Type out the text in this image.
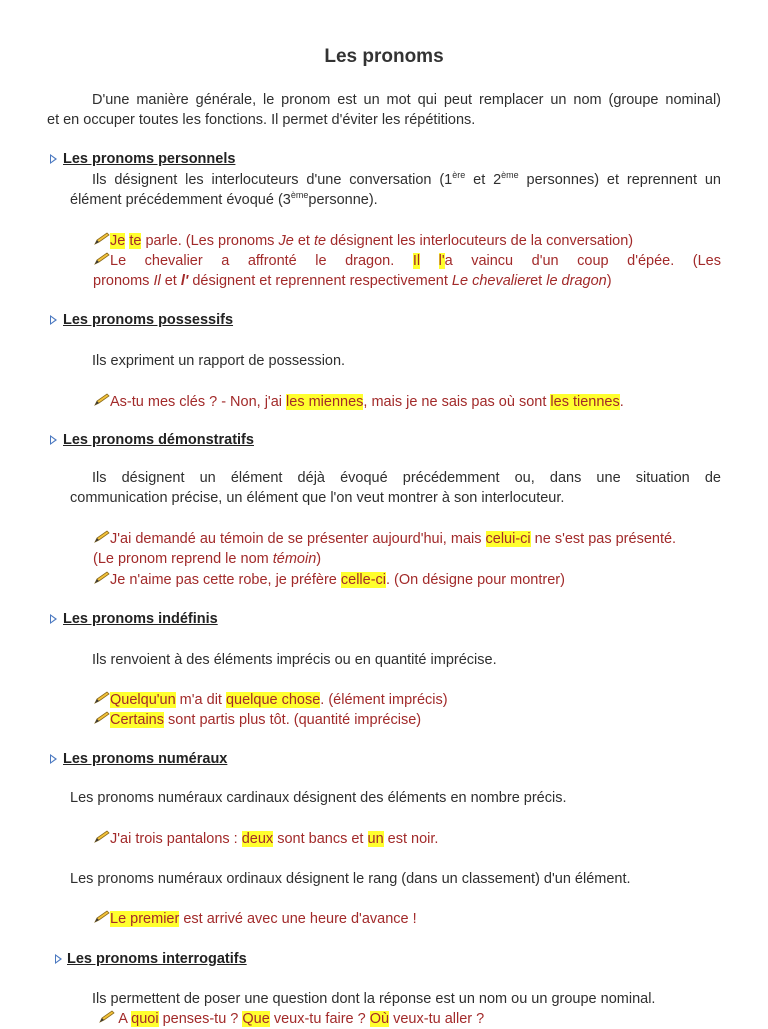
Les pronoms
D'une manière générale, le pronom est un mot qui peut remplacer un nom (groupe nominal)
et en occuper toutes les fonctions. Il permet d'éviter les répétitions.
Les pronoms personnels
Ils désignent les interlocuteurs d'une conversation (1ère et 2ème personnes) et reprennent un
élément précédemment évoqué (3èmepersonne).
Je te parle. (Les pronoms Je et te désignent les interlocuteurs de la conversation)
Le chevalier a affronté le dragon. Il l'a vaincu d'un coup d'épée. (Les
pronoms Il et l' désignent et reprennent respectivement Le chevalieret le dragon)
Les pronoms possessifs
Ils expriment un rapport de possession.
As-tu mes clés ? - Non, j'ai les miennes, mais je ne sais pas où sont les tiennes.
Les pronoms démonstratifs
Ils désignent un élément déjà évoqué précédemment ou, dans une situation de
communication précise, un élément que l'on veut montrer à son interlocuteur.
J'ai demandé au témoin de se présenter aujourd'hui, mais celui-ci ne s'est pas présenté.
(Le pronom reprend le nom témoin)
Je n'aime pas cette robe, je préfère celle-ci. (On désigne pour montrer)
Les pronoms indéfinis
Ils renvoient à des éléments imprécis ou en quantité imprécise.
Quelqu'un m'a dit quelque chose. (élément imprécis)
Certains sont partis plus tôt. (quantité imprécise)
Les pronoms numéraux
Les pronoms numéraux cardinaux désignent des éléments en nombre précis.
J'ai trois pantalons : deux sont bancs et un est noir.
Les pronoms numéraux ordinaux désignent le rang (dans un classement) d'un élément.
Le premier est arrivé avec une heure d'avance !
Les pronoms interrogatifs
Ils permettent de poser une question dont la réponse est un nom ou un groupe nominal.
A quoi penses-tu ? Que veux-tu faire ? Où veux-tu aller ?
